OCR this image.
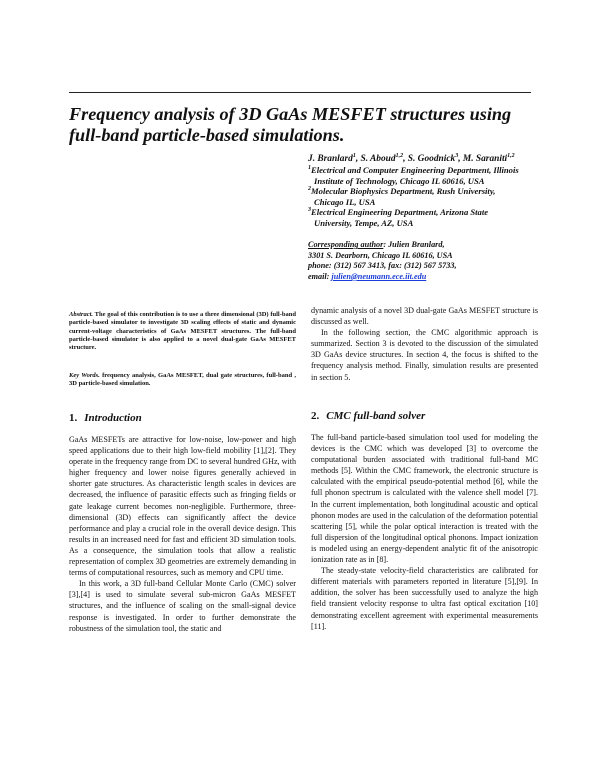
Frequency analysis of 3D GaAs MESFET structures using full-band particle-based simulations.
J. Branlard$^1$, S. Aboud$^{1,2}$, S. Goodnick$^3$, M. Saraniti$^{1,2}$
$^1$Electrical and Computer Engineering Department, Illinois
Institute of Technology, Chicago IL 60616, USA
$^2$Molecular Biophysics Department, Rush University,
Chicago IL, USA
$^3$Electrical Engineering Department, Arizona State
University, Tempe, AZ, USA
Corresponding author: Julien Branlard,
3301 S. Dearborn, Chicago IL 60616, USA
phone: (312) 567 3413, fax: (312) 567 5733,
email: julien@neumann.ece.iit.edu
Abstract. The goal of this contribution is to use a three dimensional (3D) full-band particle-based simulator to investigate 3D scaling effects of static and dynamic current-voltage characteristics of GaAs MESFET structures. The full-band particle-based simulator is also applied to a novel dual-gate GaAs MESFET structure.
Key Words. frequency analysis, GaAs MESFET, dual gate structures, full-band , 3D particle-based simulation.
1. Introduction

GaAs MESFETs are attractive for low-noise, low-power and high speed applications due to their high low-field mobility [1],[2]. They operate in the frequency range from DC to several hundred GHz, with higher frequency and lower noise figures generally achieved in shorter gate structures. As characteristic length scales in devices are decreased, the influence of parasitic effects such as fringing fields or gate leakage current becomes non-negligible. Furthermore, three-dimensional (3D) effects can significantly affect the device performance and play a crucial role in the overall device design. This results in an increased need for fast and efficient 3D simulation tools. As a consequence, the simulation tools that allow a realistic representation of complex 3D geometries are extremely demanding in terms of computational resources, such as memory and CPU time.

In this work, a 3D full-band Cellular Monte Carlo (CMC) solver [3],[4] is used to simulate several sub-micron GaAs MESFET structures, and the influence of scaling on the small-signal device response is investigated. In order to further demonstrate the robustness of the simulation tool, the static and

dynamic analysis of a novel 3D dual-gate GaAs MESFET structure is discussed as well.

In the following section, the CMC algorithmic approach is summarized. Section 3 is devoted to the discussion of the simulated 3D GaAs device structures. In section 4, the focus is shifted to the frequency analysis method. Finally, simulation results are presented in section 5.

2. CMC full-band solver

The full-band particle-based simulation tool used for modeling the devices is the CMC which was developed [3] to overcome the computational burden associated with traditional full-band MC methods [5]. Within the CMC framework, the electronic structure is calculated with the empirical pseudo-potential method [6], while the full phonon spectrum is calculated with the valence shell model [7]. In the current implementation, both longitudinal acoustic and optical phonon modes are used in the calculation of the deformation potential scattering [5], while the polar optical interaction is treated with the full dispersion of the longitudinal optical phonons. Impact ionization is modeled using an energy-dependent analytic fit of the anisotropic ionization rate as in [8].

The steady-state velocity-field characteristics are calibrated for different materials with parameters reported in literature [5],[9]. In addition, the solver has been successfully used to analyze the high field transient velocity response to ultra fast optical excitation [10] demonstrating excellent agreement with experimental measurements [11].
